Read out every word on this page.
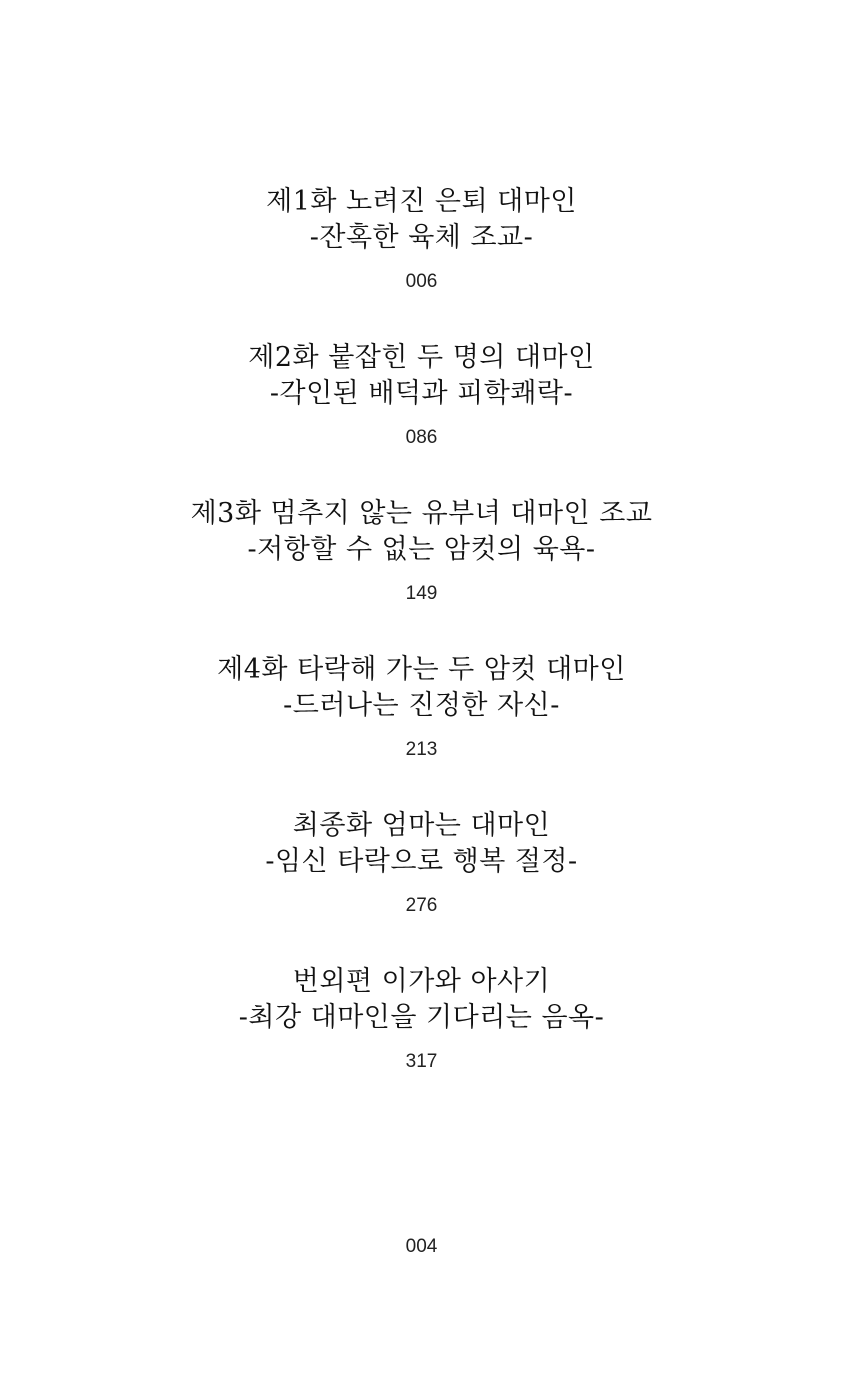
제1화 노려진 은퇴 대마인
-잔혹한 육체 조교-
006
제2화 붙잡힌 두 명의 대마인
-각인된 배덕과 피학쾌락-
086
제3화 멈추지 않는 유부녀 대마인 조교
-저항할 수 없는 암컷의 육욕-
149
제4화 타락해 가는 두 암컷 대마인
-드러나는 진정한 자신-
213
최종화 엄마는 대마인
-임신 타락으로 행복 절정-
276
번외편 이가와 아사기
-최강 대마인을 기다리는 음옥-
317
004
